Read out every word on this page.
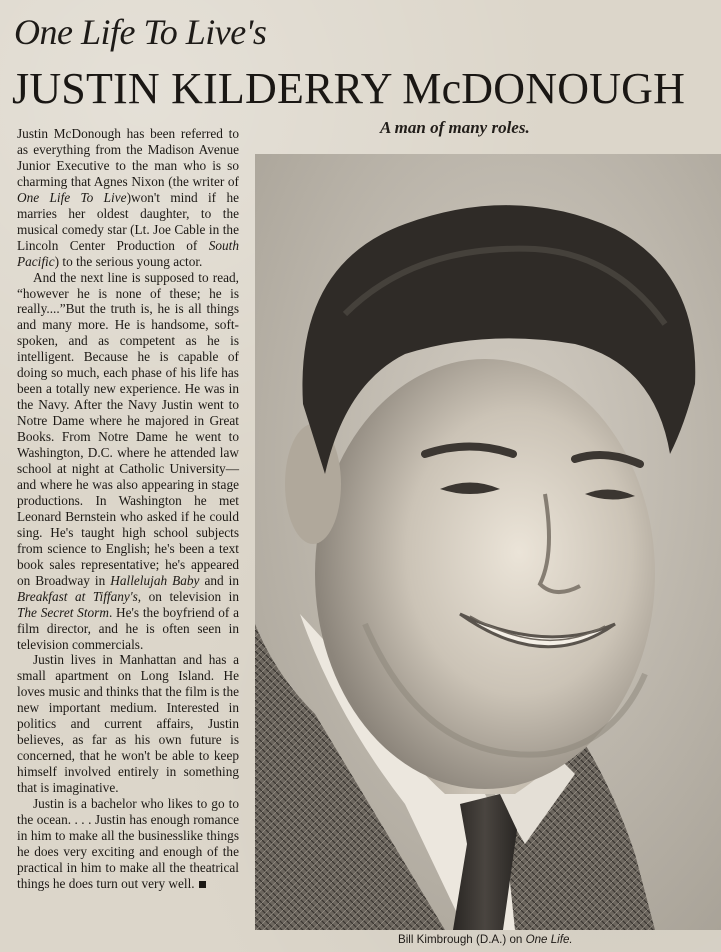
One Life To Live's
JUSTIN KILDERRY McDONOUGH
A man of many roles.

Justin McDonough has been referred to as everything from the Madison Avenue Junior Executive to the man who is so charming that Agnes Nixon (the writer of One Life To Live)won't mind if he marries her oldest daughter, to the musical comedy star (Lt. Joe Cable in the Lincoln Center Production of South Pacific) to the serious young actor.

And the next line is supposed to read, “however he is none of these; he is really....”But the truth is, he is all things and many more. He is handsome, soft-spoken, and as competent as he is intelligent. Because he is capable of doing so much, each phase of his life has been a totally new experience. He was in the Navy. After the Navy Justin went to Notre Dame where he majored in Great Books. From Notre Dame he went to Washington, D.C. where he attended law school at night at Catholic University—and where he was also appearing in stage productions. In Washington he met Leonard Bernstein who asked if he could sing. He's taught high school subjects from science to English; he's been a text book sales representative; he's appeared on Broadway in Hallelujah Baby and in Breakfast at Tiffany's, on television in The Secret Storm. He's the boyfriend of a film director, and he is often seen in television commercials.

Justin lives in Manhattan and has a small apartment on Long Island. He loves music and thinks that the film is the new important medium. Interested in politics and current affairs, Justin believes, as far as his own future is concerned, that he won't be able to keep himself involved entirely in something that is imaginative.

Justin is a bachelor who likes to go to the ocean. . . . Justin has enough romance in him to make all the businesslike things he does very exciting and enough of the practical in him to make all the theatrical things he does turn out very well.

Bill Kimbrough (D.A.) on One Life.
